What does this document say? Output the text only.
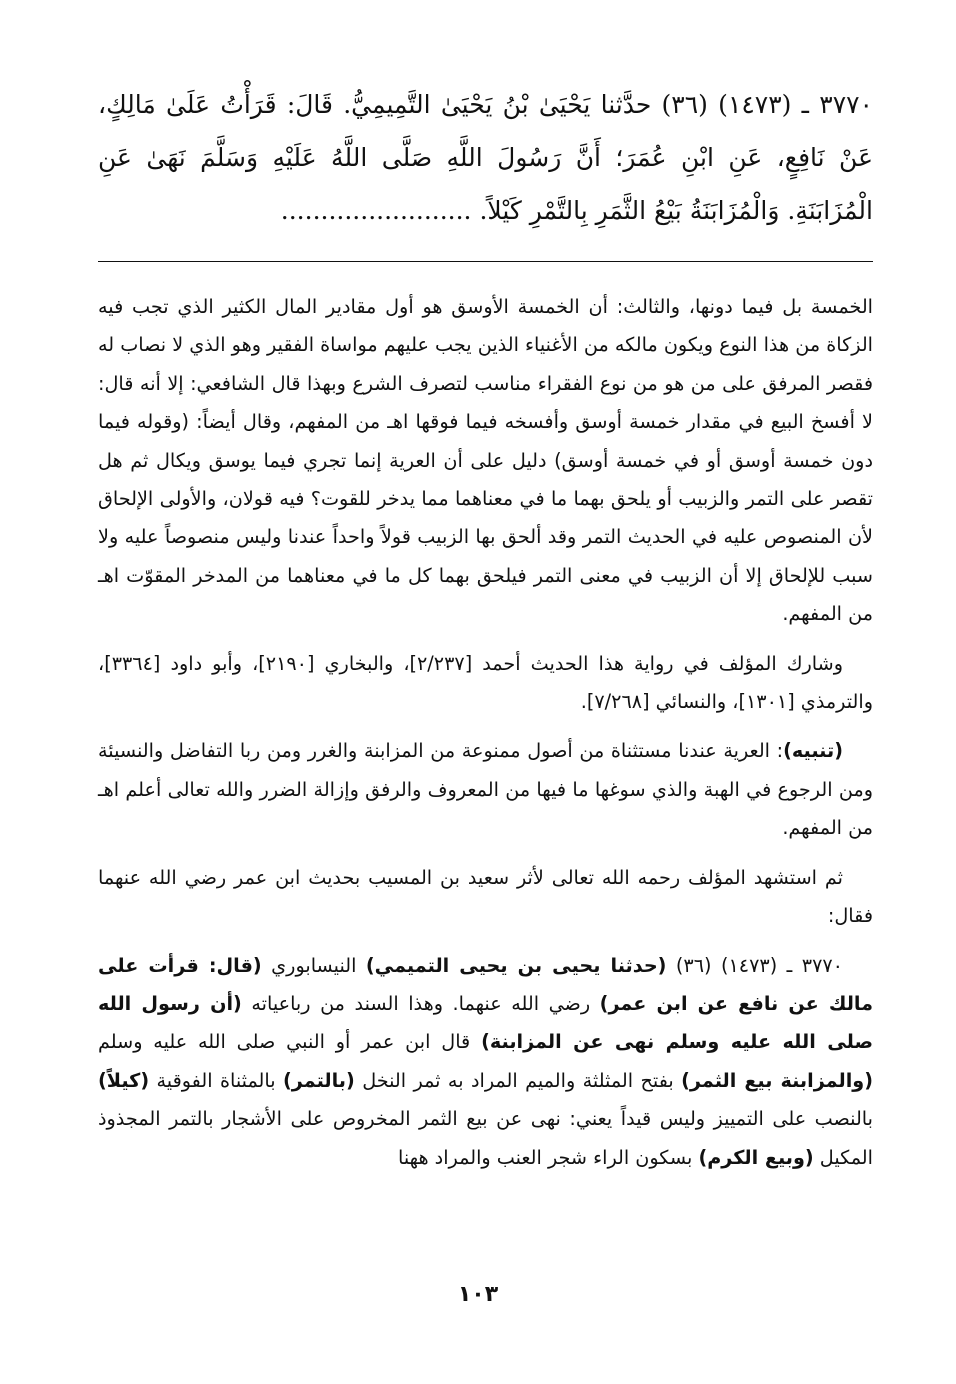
٣٧٧٠ ـ (١٤٧٣) (٣٦) حدَّثنا يَحْيَىٰ بْنُ يَحْيَىٰ التَّمِيمِيُّ. قَالَ: قَرَأْتُ عَلَىٰ مَالِكٍ، عَنْ نَافِعٍ، عَنِ ابْنِ عُمَرَ؛ أَنَّ رَسُولَ اللَّهِ صَلَّى اللَّهُ عَلَيْهِ وَسَلَّمَ نَهَىٰ عَنِ الْمُزَابَنَةِ. وَالْمُزَابَنَةُ بَيْعُ الثَّمَرِ بِالتَّمْرِ كَيْلاً. ........................

الخمسة بل فيما دونها، والثالث: أن الخمسة الأوسق هو أول مقادير المال الكثير الذي تجب فيه الزكاة من هذا النوع ويكون مالكه من الأغنياء الذين يجب عليهم مواساة الفقير وهو الذي لا نصاب له فقصر المرفق على من هو من نوع الفقراء مناسب لتصرف الشرع وبهذا قال الشافعي: إلا أنه قال: لا أفسخ البيع في مقدار خمسة أوسق وأفسخه فيما فوقها اهـ من المفهم، وقال أيضاً: (وقوله فيما دون خمسة أوسق أو في خمسة أوسق) دليل على أن العرية إنما تجري فيما يوسق ويكال ثم هل تقصر على التمر والزبيب أو يلحق بهما ما في معناهما مما يدخر للقوت؟ فيه قولان، والأولى الإلحاق لأن المنصوص عليه في الحديث التمر وقد ألحق بها الزبيب قولاً واحداً عندنا وليس منصوصاً عليه ولا سبب للإلحاق إلا أن الزبيب في معنى التمر فيلحق بهما كل ما في معناهما من المدخر المقوّت اهـ من المفهم.

وشارك المؤلف في رواية هذا الحديث أحمد [٢/٢٣٧]، والبخاري [٢١٩٠]، وأبو داود [٣٣٦٤]، والترمذي [١٣٠١]، والنسائي [٧/٢٦٨].

(تنبيه): العرية عندنا مستثناة من أصول ممنوعة من المزابنة والغرر ومن ربا التفاضل والنسيئة ومن الرجوع في الهبة والذي سوغها ما فيها من المعروف والرفق وإزالة الضرر والله تعالى أعلم اهـ من المفهم.

ثم استشهد المؤلف رحمه الله تعالى لأثر سعيد بن المسيب بحديث ابن عمر رضي الله عنهما فقال:

٣٧٧٠ ـ (١٤٧٣) (٣٦) (حدثنا يحيى بن يحيى التميمي) النيسابوري (قال: قرأت على مالك عن نافع عن ابن عمر) رضي الله عنهما. وهذا السند من رباعياته (أن رسول الله صلى الله عليه وسلم نهى عن المزابنة) قال ابن عمر أو النبي صلى الله عليه وسلم (والمزابنة بيع الثمر) بفتح المثلثة والميم المراد به ثمر النخل (بالتمر) بالمثناة الفوقية (كيلاً) بالنصب على التمييز وليس قيداً يعني: نهى عن بيع الثمر المخروص على الأشجار بالتمر المجذوذ المكيل (وبيع الكرم) بسكون الراء شجر العنب والمراد ههنا

١٠٣
